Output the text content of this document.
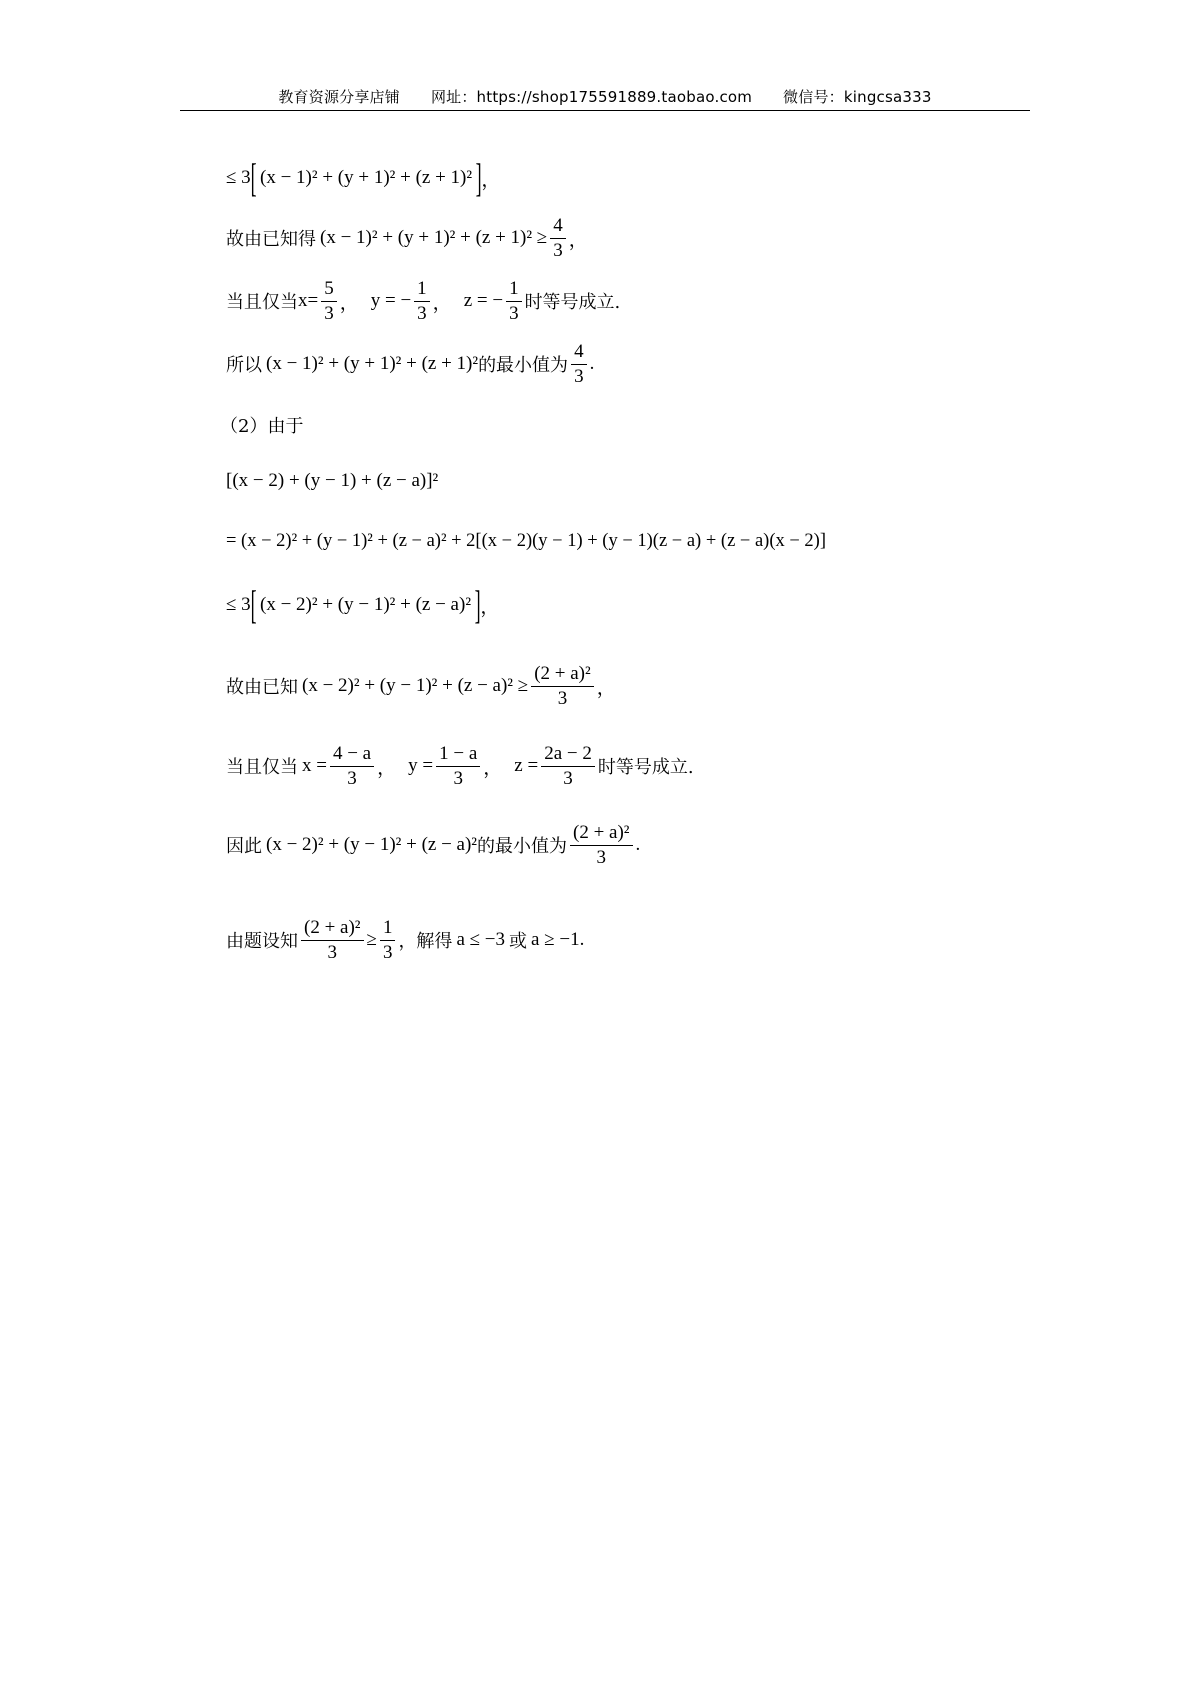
教育资源分享店铺 网址：https://shop175591889.taobao.com 微信号：kingcsa333
≤ 3 [ (x − 1)² + (y + 1)² + (z + 1)² ] ，
故由已知得 $(x - 1)^2 + (y + 1)^2 + (z + 1)^2 \ge \frac{4}{3}$ ，
当且仅当 $x= \frac{5}{3}$ ， y = − $\frac{1}{3}$ ， z = − $\frac{1}{3}$ 时等号成立.
所以 (x − 1)² + (y + 1)² + (z + 1)² 的最小值为 $\frac{4}{3}$ .
（2）由于
[(x − 2) + (y − 1) + (z − a)]²
= (x − 2)² + (y − 1)² + (z − a)² + 2[(x − 2)(y − 1) + (y − 1)(z − a) + (z − a)(x − 2)]
≤ 3 [ (x − 2)² + (y − 1)² + (z − a)² ] ，
故由已知 $(x - 2)^2 + (y - 1)^2 + (z - a)^2 \ge \frac{\text{(2 + a)²}}{3}$ ，
当且仅当 $x = \frac{4 - a}{3}$ ， $y = \frac{1 - a}{3}$ ， $z = \frac{2a - 2}{3}$ 时等号成立.
因此 (x − 2)² + (y − 1)² + (z − a)² 的最小值为 $\frac{\text{(2 + a)²}}{3}$ .
由题设知 $\frac{\text{(2 + a)²}}{3} \ge \frac{1}{3}$ ，解得 a ≤ −3 或 a ≥ −1 .
